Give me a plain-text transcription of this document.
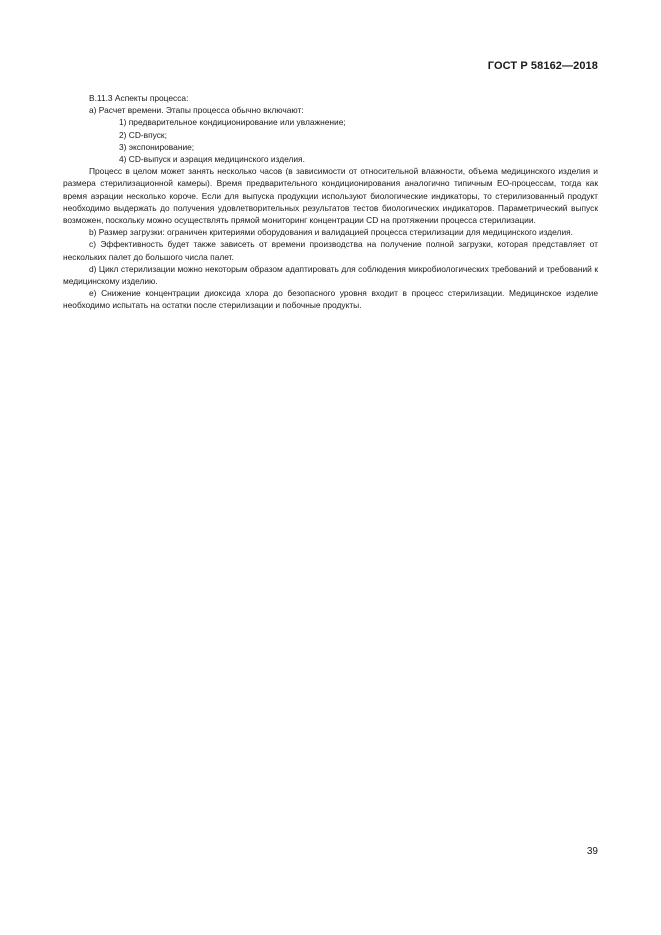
ГОСТ Р 58162—2018

В.11.3 Аспекты процесса:

a) Расчет времени. Этапы процесса обычно включают:

1) предварительное кондиционирование или увлажнение;

2) CD-впуск;

3) экспонирование;

4) CD-выпуск и аэрация медицинского изделия.

Процесс в целом может занять несколько часов (в зависимости от относительной влажности, объема медицинского изделия и размера стерилизационной камеры). Время предварительного кондиционирования аналогично типичным ЕО-процессам, тогда как время аэрации несколько короче. Если для выпуска продукции используют биологические индикаторы, то стерилизованный продукт необходимо выдержать до получения удовлетворительных результатов тестов биологических индикаторов. Параметрический выпуск возможен, поскольку можно осуществлять прямой мониторинг концентрации CD на протяжении процесса стерилизации.

b) Размер загрузки: ограничен критериями оборудования и валидацией процесса стерилизации для медицинского изделия.

c) Эффективность будет также зависеть от времени производства на получение полной загрузки, которая представляет от нескольких палет до большого числа палет.

d) Цикл стерилизации можно некоторым образом адаптировать для соблюдения микробиологических требований и требований к медицинскому изделию.

e) Снижение концентрации диоксида хлора до безопасного уровня входит в процесс стерилизации. Медицинское изделие необходимо испытать на остатки после стерилизации и побочные продукты.

39
